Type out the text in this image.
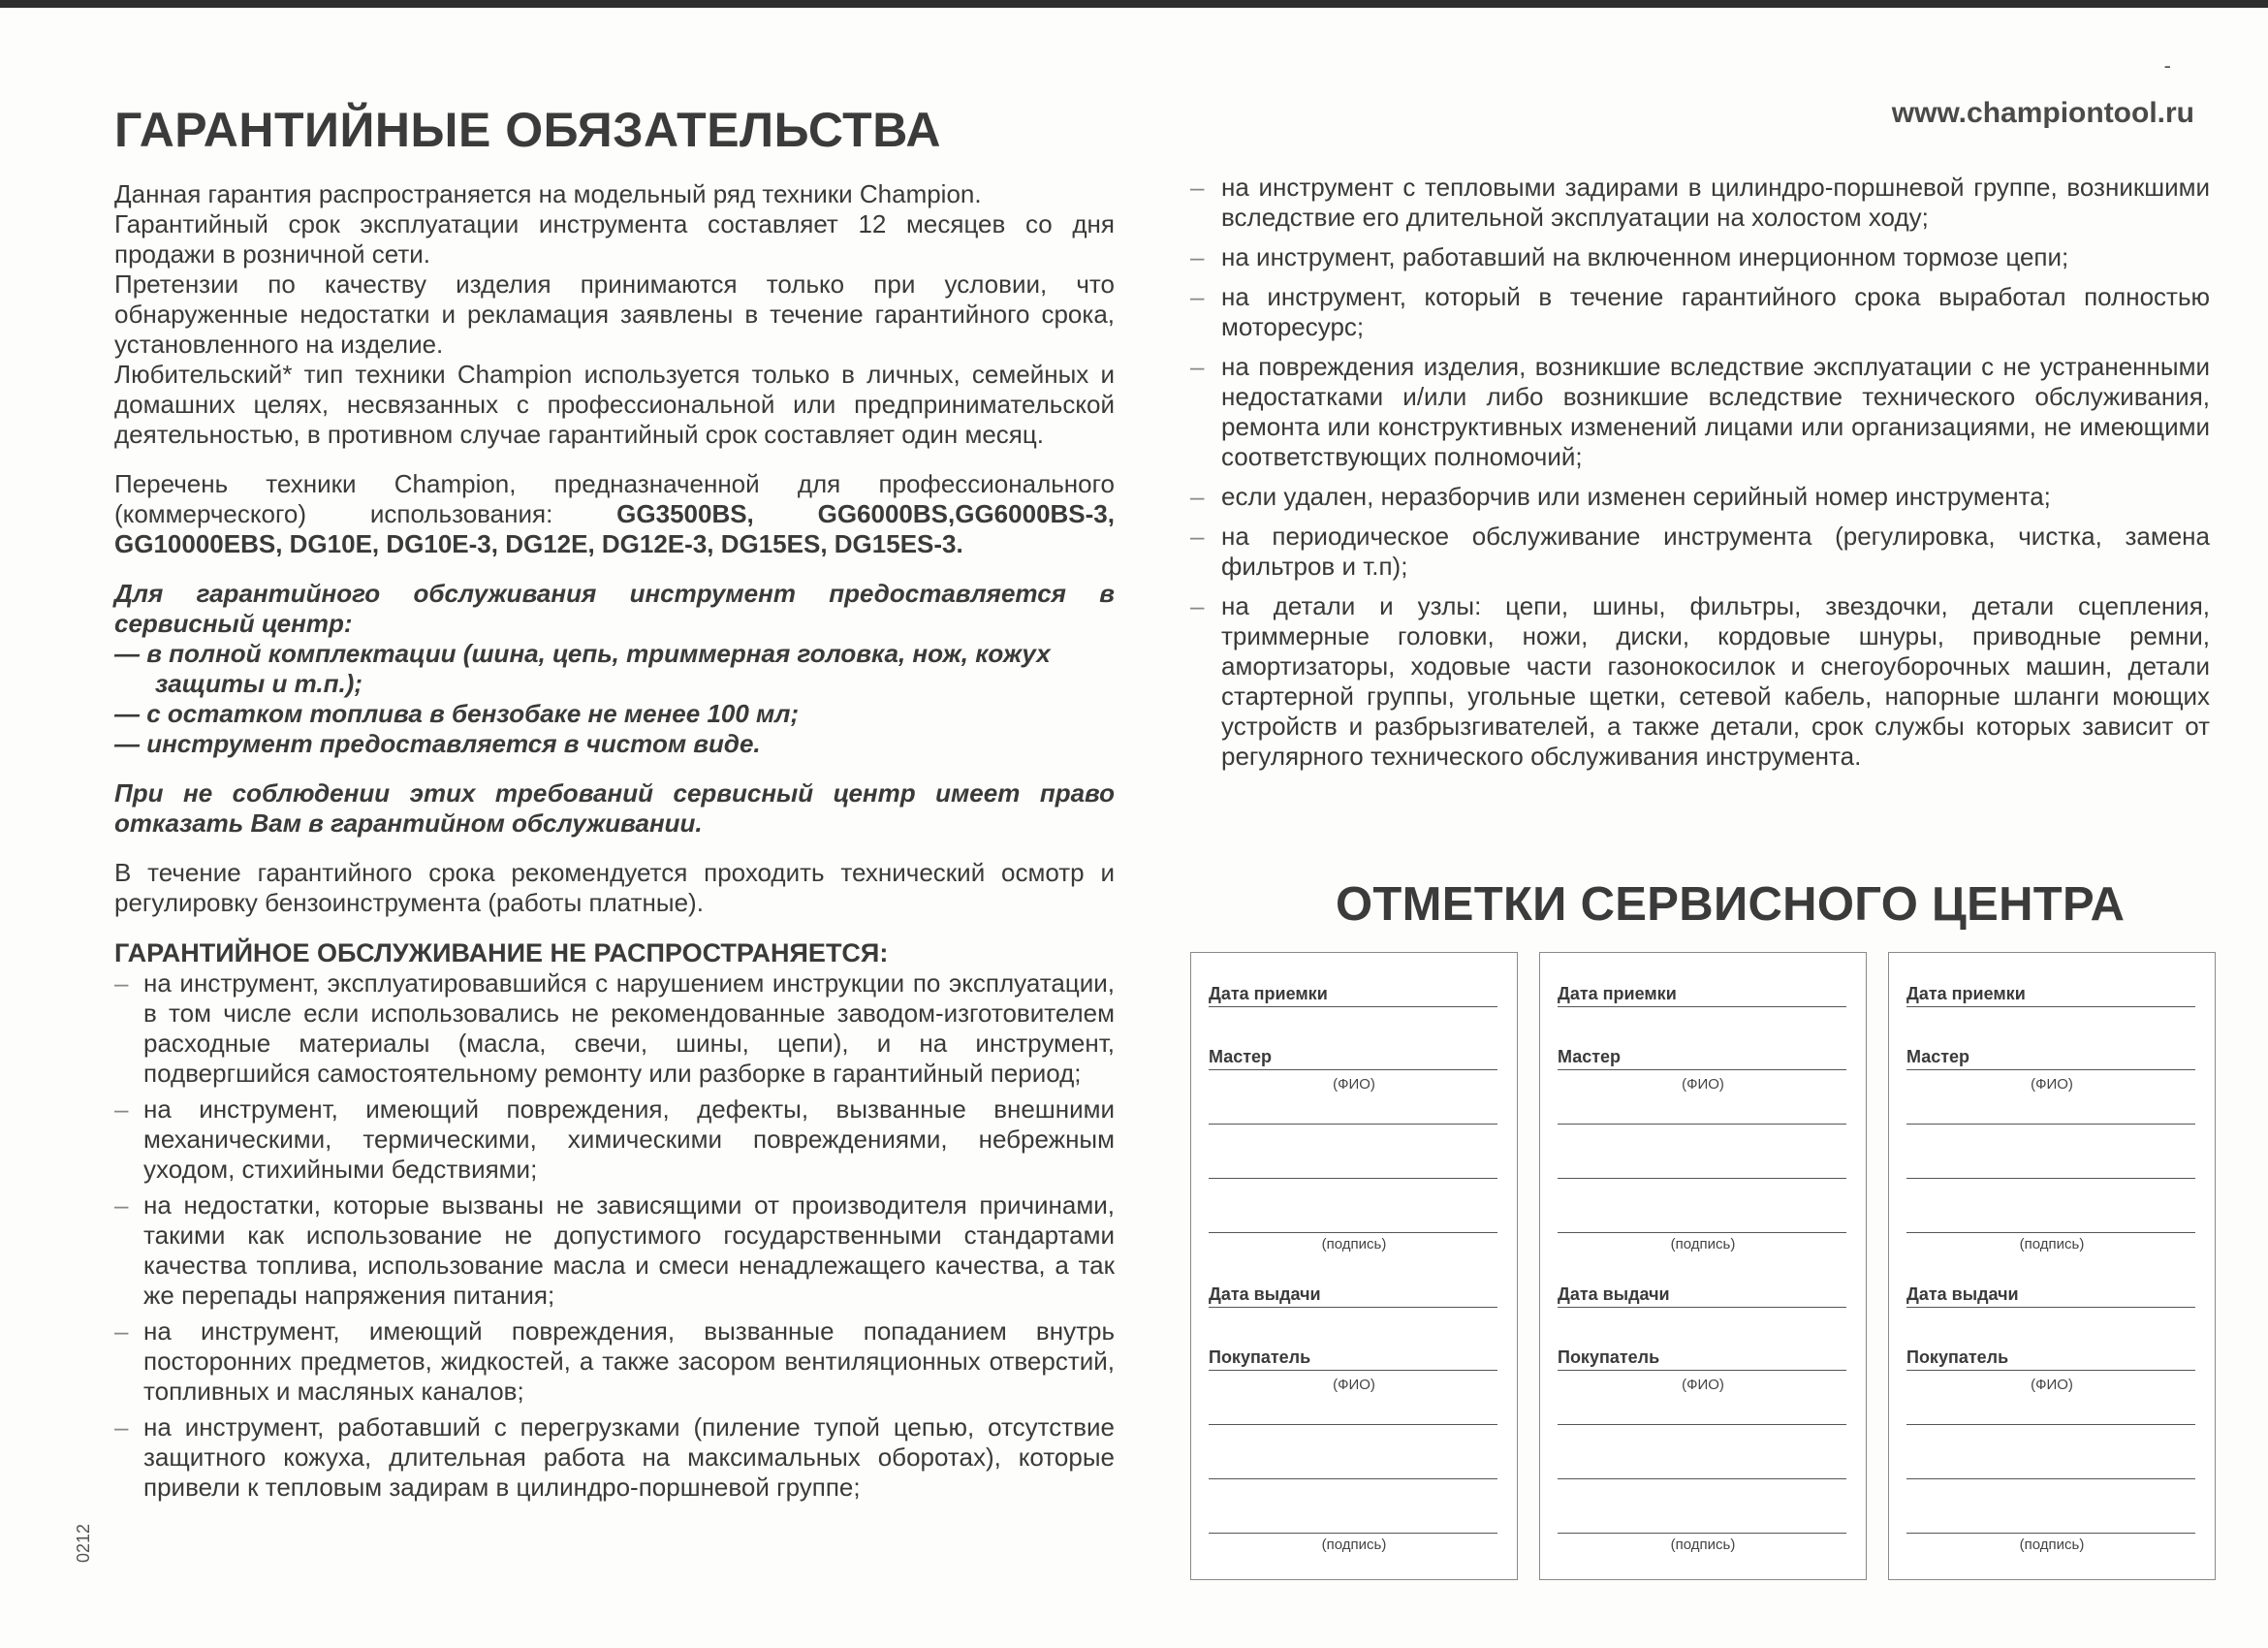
-
www.championtool.ru
ГАРАНТИЙНЫЕ ОБЯЗАТЕЛЬСТВА

Данная гарантия распространяется на модельный ряд техники Champion.

Гарантийный срок эксплуатации инструмента составляет 12 месяцев со дня продажи в розничной сети.

Претензии по качеству изделия принимаются только при условии, что обнаруженные недостатки и рекламация заявлены в течение гарантийного срока, установленного на изделие.

Любительский* тип техники Champion используется только в личных, семейных и домашних целях, несвязанных с профессиональной или предпринимательской деятельностью, в противном случае гарантийный срок составляет один месяц.

Перечень техники Champion, предназначенной для профессионального (коммерческого) использования: GG3500BS, GG6000BS,GG6000BS-3, GG10000EBS, DG10E, DG10E-3, DG12E, DG12E-3, DG15ES, DG15ES-3.

Для гарантийного обслуживания инструмент предоставляется в сервисный центр:

— в полной комплектации (шина, цепь, триммерная головка, нож, кожух защиты и т.п.);
— с остатком топлива в бензобаке не менее 100 мл;
— инструмент предоставляется в чистом виде.

При не соблюдении этих требований сервисный центр имеет право отказать Вам в гарантийном обслуживании.

В течение гарантийного срока рекомендуется проходить технический осмотр и регулировку бензоинструмента (работы платные).

ГАРАНТИЙНОЕ ОБСЛУЖИВАНИЕ НЕ РАСПРОСТРАНЯЕТСЯ:

– на инструмент, эксплуатировавшийся с нарушением инструкции по эксплуатации, в том числе если использовались не рекомендованные заводом-изготовителем расходные материалы (масла, свечи, шины, цепи), и на инструмент, подвергшийся самостоятельному ремонту или разборке в гарантийный период;
– на инструмент, имеющий повреждения, дефекты, вызванные внешними механическими, термическими, химическими повреждениями, небрежным уходом, стихийными бедствиями;
– на недостатки, которые вызваны не зависящими от производителя причинами, такими как использование не допустимого государственными стандартами качества топлива, использование масла и смеси ненадлежащего качества, а так же перепады напряжения питания;
– на инструмент, имеющий повреждения, вызванные попаданием внутрь посторонних предметов, жидкостей, а также засором вентиляционных отверстий, топливных и масляных каналов;
– на инструмент, работавший с перегрузками (пиление тупой цепью, отсутствие защитного кожуха, длительная работа на максимальных оборотах), которые привели к тепловым задирам в цилиндро-поршневой группе;
– на инструмент с тепловыми задирами в цилиндро-поршневой группе, возникшими вследствие его длительной эксплуатации на холостом ходу;
– на инструмент, работавший на включенном инерционном тормозе цепи;
– на инструмент, который в течение гарантийного срока выработал полностью моторесурс;
– на повреждения изделия, возникшие вследствие эксплуатации с не устраненными недостатками и/или либо возникшие вследствие технического обслуживания, ремонта или конструктивных изменений лицами или организациями, не имеющими соответствующих полномочий;
– если удален, неразборчив или изменен серийный номер инструмента;
– на периодическое обслуживание инструмента (регулировка, чистка, замена фильтров и т.п);
– на детали и узлы: цепи, шины, фильтры, звездочки, детали сцепления, триммерные головки, ножи, диски, кордовые шнуры, приводные ремни, амортизаторы, ходовые части газонокосилок и снегоуборочных машин, детали стартерной группы, угольные щетки, сетевой кабель, напорные шланги моющих устройств и разбрызгивателей, а также детали, срок службы которых зависит от регулярного технического обслуживания инструмента.
ОТМЕТКИ СЕРВИСНОГО ЦЕНТРА
Дата приемки
Мастер
(ФИО)
(подпись)
Дата выдачи
Покупатель
(ФИО)
(подпись)
Дата приемки
Мастер
(ФИО)
(подпись)
Дата выдачи
Покупатель
(ФИО)
(подпись)
Дата приемки
Мастер
(ФИО)
(подпись)
Дата выдачи
Покупатель
(ФИО)
(подпись)
0212
